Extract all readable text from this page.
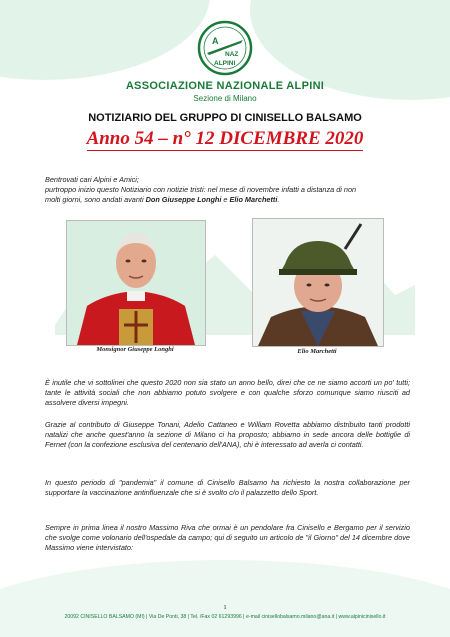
A
NAZ
ALPINI
ASSOCIAZIONE NAZIONALE ALPINI
Sezione di Milano
NOTIZIARIO DEL GRUPPO DI CINISELLO BALSAMO
Anno 54 – n° 12 DICEMBRE 2020
Bentrovati cari Alpini e Amici;
purtroppo inizio questo Notiziario con notizie tristi: nel mese di novembre infatti a distanza di non
molti giorni, sono andati avanti Don Giuseppe Longhi e Elio Marchetti.
Monsignor Giuseppe Longhi	Elio Marchetti
È inutile che vi sottolinei che questo 2020 non sia stato un anno bello, direi che ce ne siamo accorti un po' tutti; tante le attività sociali che non abbiamo potuto svolgere e con qualche sforzo comunque siamo riusciti ad assolvere diversi impegni.
Grazie al contributo di Giuseppe Tonani, Adelio Cattaneo e William Rovetta abbiamo distribuito tanti prodotti natalizi che anche quest'anno la sezione di Milano ci ha proposto; abbiamo in sede ancora delle bottiglie di Fernet (con la confezione esclusiva del centenario dell'ANA), chi è interessato ad averla ci contatti.
In questo periodo di "pandemia" il comune di Cinisello Balsamo ha richiesto la nostra collaborazione per supportare la vaccinazione antinfluenzale che si è svolto c/o il palazzetto dello Sport.
Sempre in prima linea il nostro Massimo Riva che ormai è un pendolare fra Cinisello e Bergamo per il servizio che svolge come volonario dell'ospedale da campo; qui di seguito un articolo de "il Giorno" del 14 dicembre dove Massimo viene intervistato:
1
20092 CINISELLO BALSAMO (MI) | Via De Ponti, 38 | Tel. /Fax 02 61293996 | e-mail cinisellobalsamo.milano@ana.it | www.alpinicinisello.it
